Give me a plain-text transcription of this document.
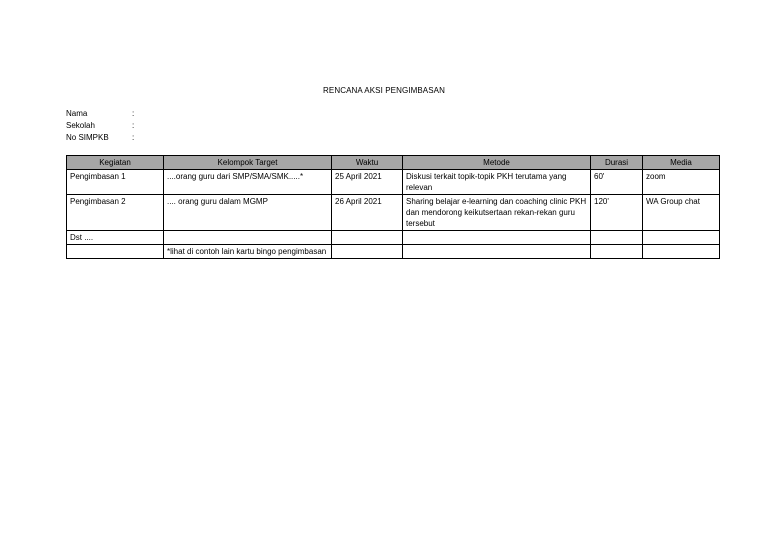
RENCANA AKSI PENGIMBASAN
Nama	:
Sekolah	:
No SIMPKB	:
Kegiatan	Kelompok Target	Waktu	Metode	Durasi	Media
Pengimbasan 1	....orang guru dari SMP/SMA/SMK.....*	25 April 2021	Diskusi terkait topik-topik PKH terutama yang relevan	60'	zoom
Pengimbasan 2	.... orang guru dalam MGMP	26 April 2021	Sharing belajar e-learning dan coaching clinic PKH dan mendorong keikutsertaan rekan-rekan guru tersebut	120'	WA Group chat
Dst ....					
	*lihat di contoh lain kartu bingo pengimbasan				
